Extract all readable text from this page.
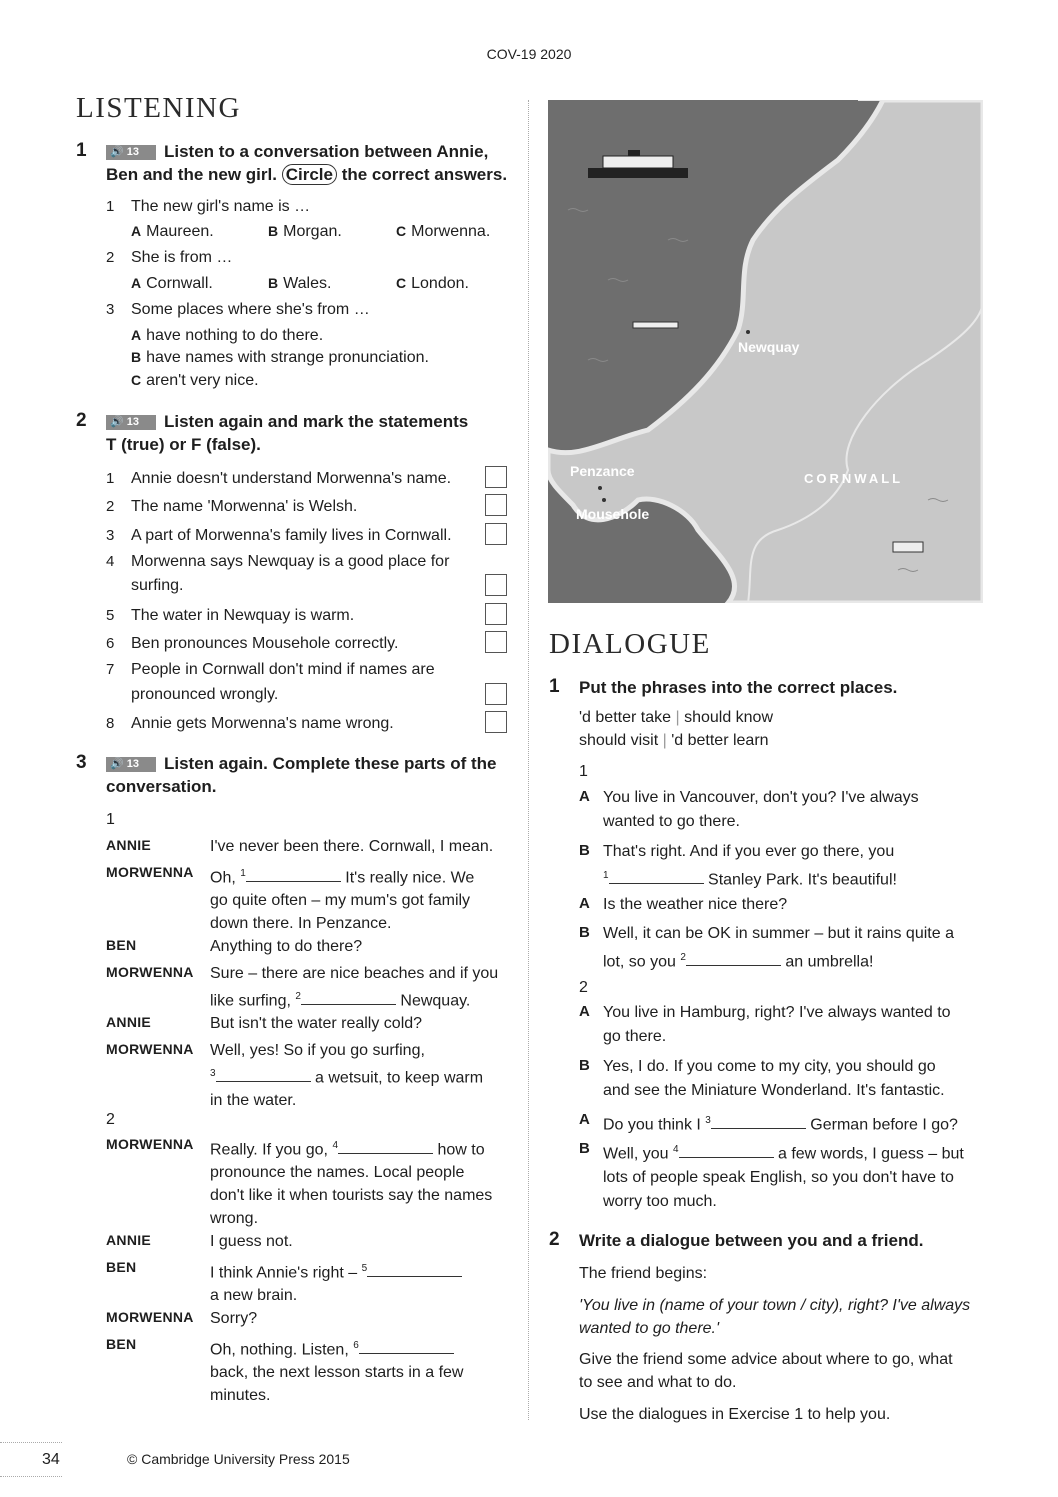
COV-19 2020
LISTENING
1	🔊 13 Listen to a conversation between Annie,
Ben and the new girl. Circle the correct answers.
1 The new girl's name is …
A Maureen.	B Morgan.	C Morwenna.
2 She is from …
A Cornwall.	B Wales.	C London.
3 Some places where she's from …
A have nothing to do there.
B have names with strange pronunciation.
C aren't very nice.
2	🔊 13 Listen again and mark the statements
T (true) or F (false).
1 Annie doesn't understand Morwenna's name.
2 The name 'Morwenna' is Welsh.
3 A part of Morwenna's family lives in Cornwall.
4 Morwenna says Newquay is a good place for
surfing.
5 The water in Newquay is warm.
6 Ben pronounces Mousehole correctly.
7 People in Cornwall don't mind if names are
pronounced wrongly.
8 Annie gets Morwenna's name wrong.
3	🔊 13 Listen again. Complete these parts of the
conversation.
1
ANNIE	I've never been there. Cornwall, I mean.
MORWENNA Oh, $^1$	It's really nice. We
go quite often – my mum's got family
down there. In Penzance.
BEN	Anything to do there?
MORWENNA Sure – there are nice beaches and if you
like surfing, $^2$	Newquay.
ANNIE	But isn't the water really cold?
MORWENNA Well, yes! So if you go surfing,
$^3$	a wetsuit, to keep warm
in the water.
2
MORWENNA Really. If you go, $^4$	how to
pronounce the names. Local people
don't like it when tourists say the names
wrong.
ANNIE	I guess not.
BEN	I think Annie's right – $^5$
a new brain.
MORWENNA Sorry?
BEN	Oh, nothing. Listen, $^6$
back, the next lesson starts in a few
minutes.
Newquay
Penzance
Mousehole
CORNWALL
DIALOGUE
1 Put the phrases into the correct places.
'd better take | should know
should visit | 'd better learn
1
A You live in Vancouver, don't you? I've always
wanted to go there.
B That's right. And if you ever go there, you
$^1$	Stanley Park. It's beautiful!
A Is the weather nice there?
B Well, it can be OK in summer – but it rains quite a
lot, so you $^2$	an umbrella!
2
A You live in Hamburg, right? I've always wanted to
go there.
B Yes, I do. If you come to my city, you should go
and see the Miniature Wonderland. It's fantastic.
A Do you think I $^3$	German before I go?
B Well, you $^4$	a few words, I guess – but
lots of people speak English, so you don't have to
worry too much.
2 Write a dialogue between you and a friend.
The friend begins:
'You live in (name of your town / city), right? I've always
wanted to go there.'
Give the friend some advice about where to go, what
to see and what to do.
Use the dialogues in Exercise 1 to help you.
34	© Cambridge University Press 2015
